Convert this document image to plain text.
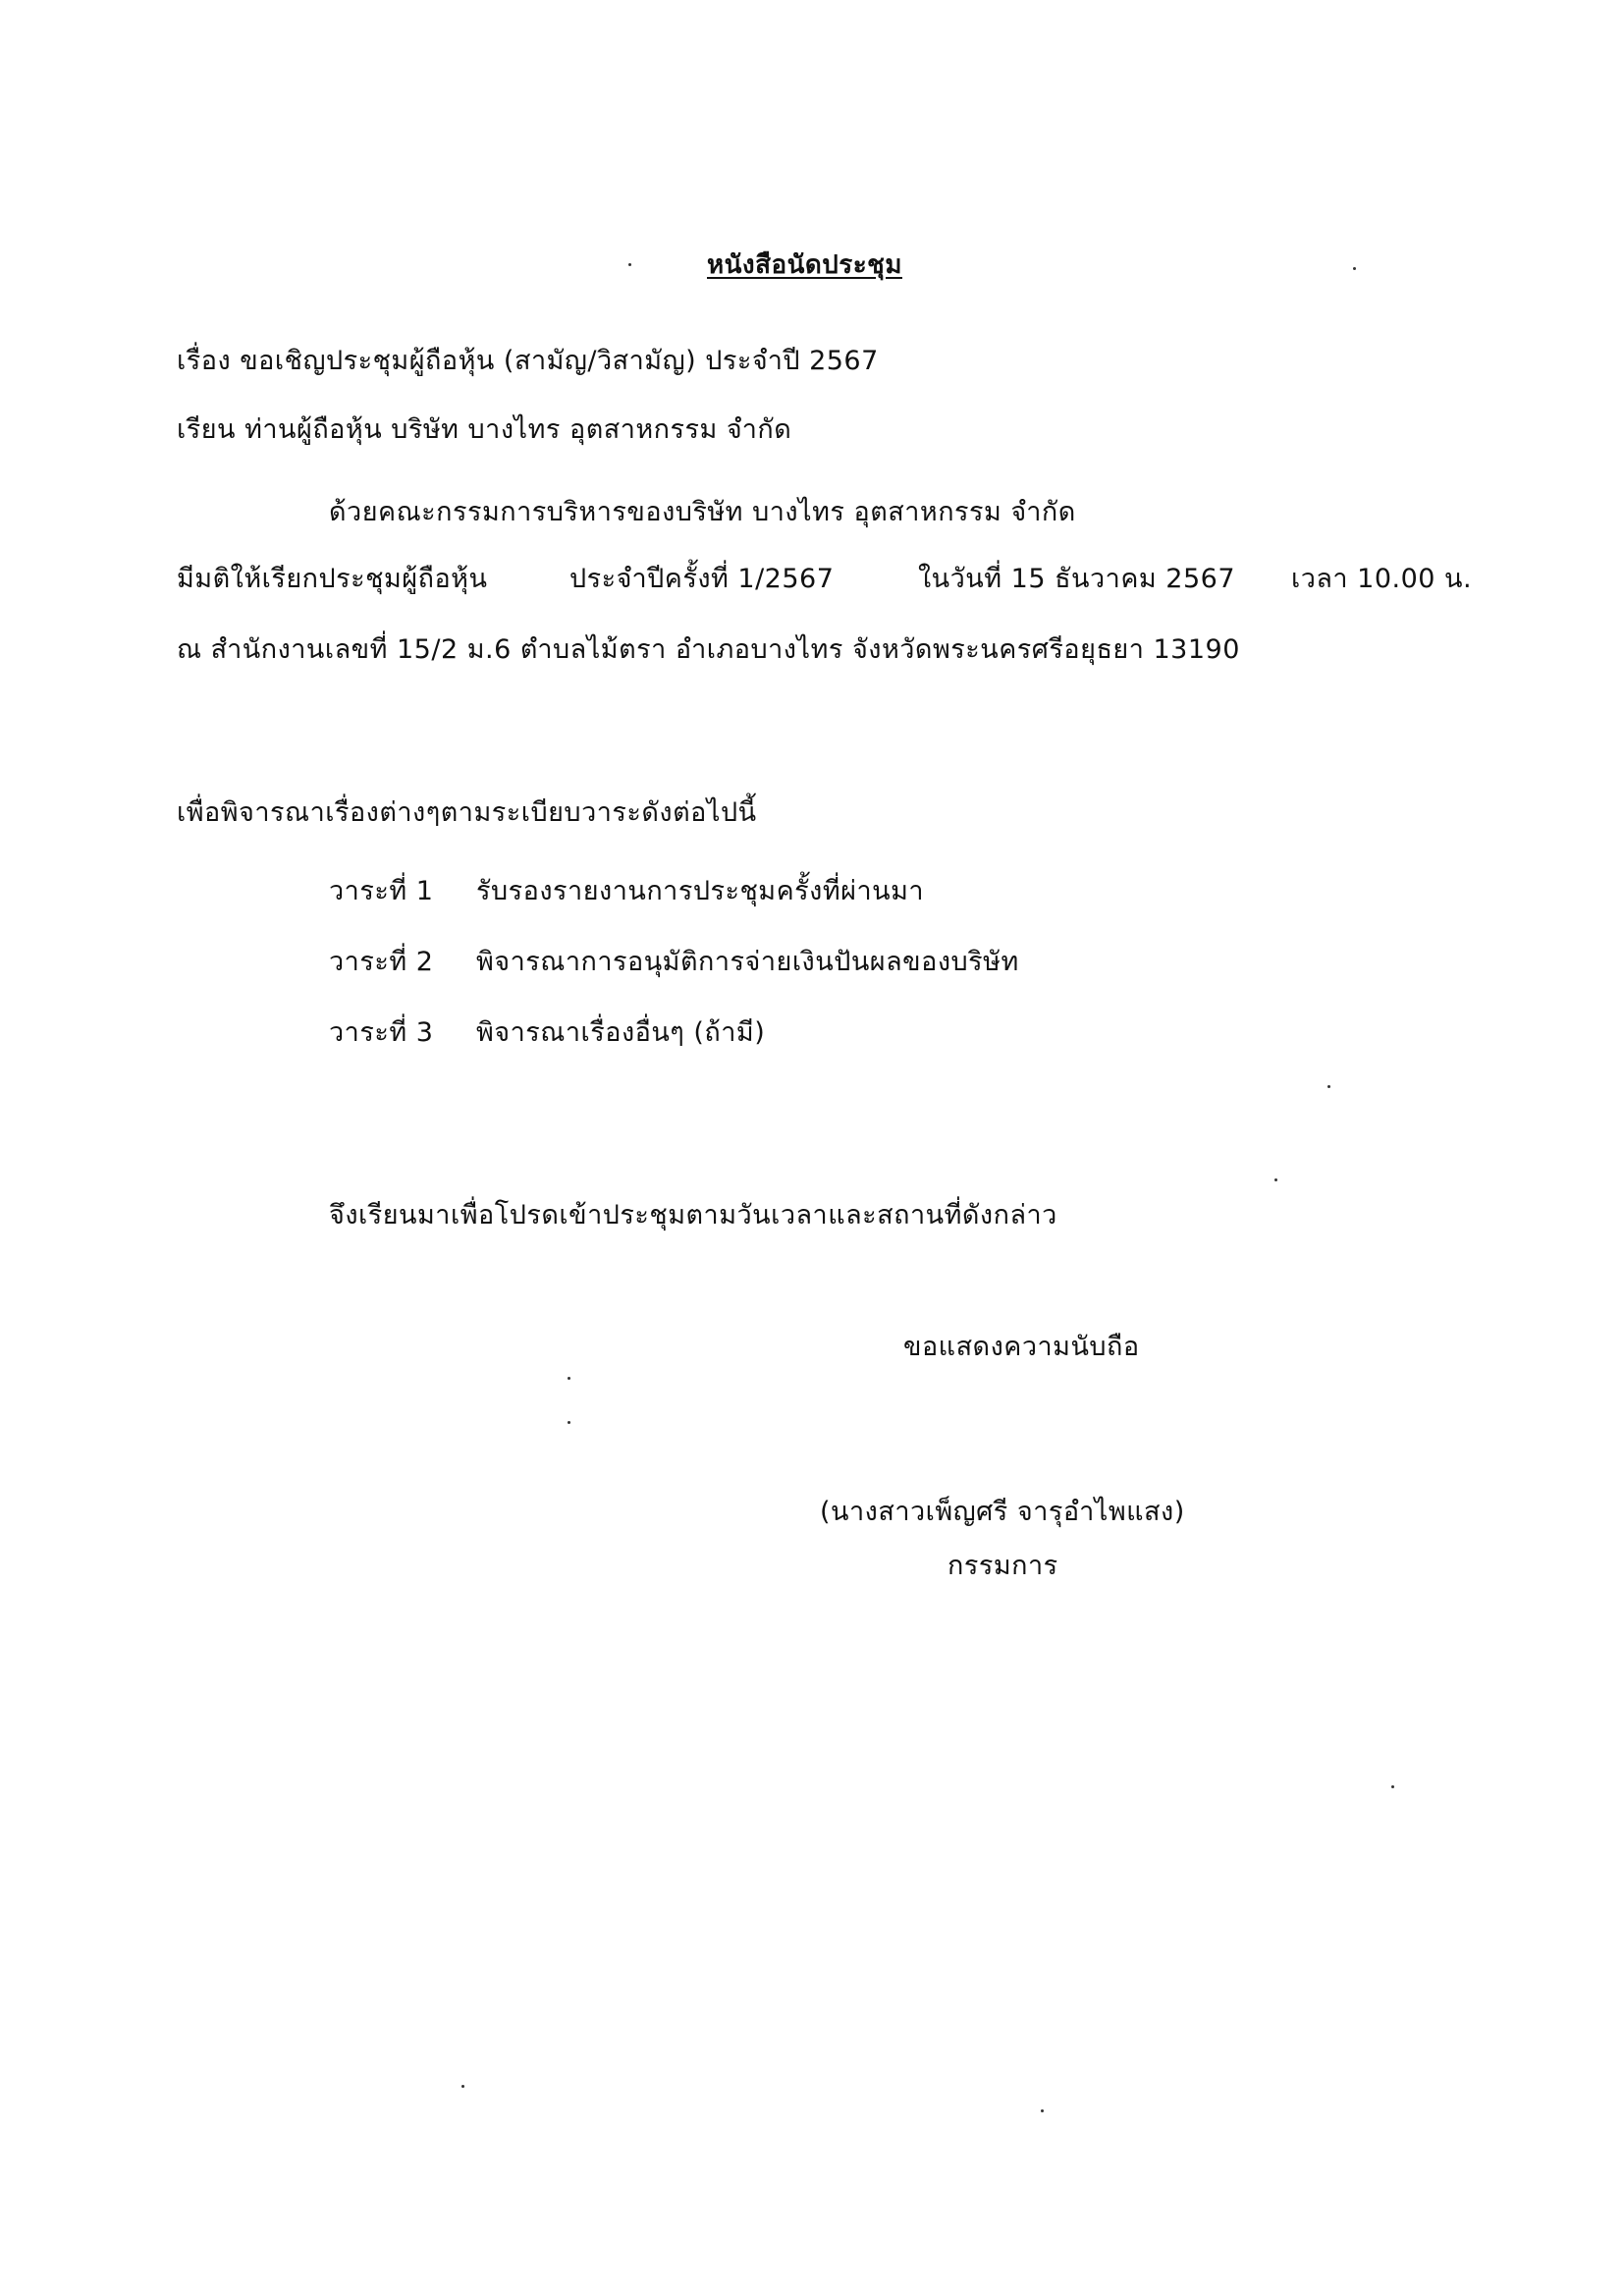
หนังสือนัดประชุม
เรื่อง ขอเชิญประชุมผู้ถือหุ้น (สามัญ/วิสามัญ) ประจำปี 2567
เรียน ท่านผู้ถือหุ้น บริษัท บางไทร อุตสาหกรรม จำกัด
ด้วยคณะกรรมการบริหารของบริษัท บางไทร อุตสาหกรรม จำกัด
มีมติให้เรียกประชุมผู้ถือหุ้น	ประจำปีครั้งที่ 1/2567	ในวันที่ 15 ธันวาคม 2567	เวลา 10.00 น.
ณ สำนักงานเลขที่ 15/2 ม.6 ตำบลไม้ตรา อำเภอบางไทร จังหวัดพระนครศรีอยุธยา 13190
เพื่อพิจารณาเรื่องต่างๆตามระเบียบวาระดังต่อไปนี้
วาระที่ 1 รับรองรายงานการประชุมครั้งที่ผ่านมา
วาระที่ 2 พิจารณาการอนุมัติการจ่ายเงินปันผลของบริษัท
วาระที่ 3 พิจารณาเรื่องอื่นๆ (ถ้ามี)
จึงเรียนมาเพื่อโปรดเข้าประชุมตามวันเวลาและสถานที่ดังกล่าว
ขอแสดงความนับถือ
(นางสาวเพ็ญศรี จารุอำไพแสง)
กรรมการ
